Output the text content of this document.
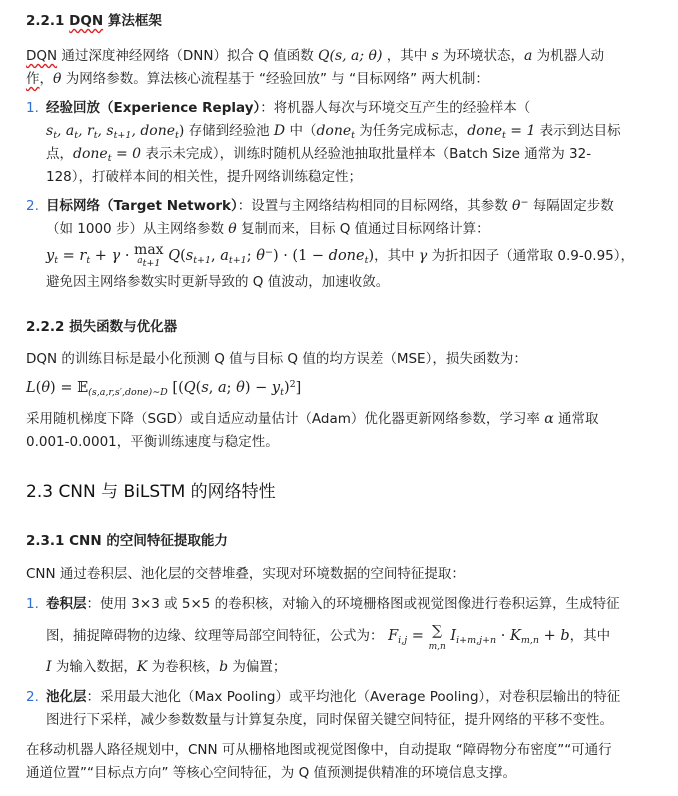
2.2.1 DQN 算法框架

DQN 通过深度神经网络（DNN）拟合 Q 值函数 Q(s, a; θ) ，其中 s 为环境状态，a 为机器人动

作，θ 为网络参数。算法核心流程基于 “经验回放” 与 “目标网络” 两大机制：

1. 经验回放（Experience Replay）：将机器人每次与环境交互产生的经验样本（

$s_t$, $a_t$, $r_t$, $s_{t+1}$, done$_t$) 存储到经验池 D 中（done$_t$ 为任务完成标志，done$_t$ = 1 表示到达目标

点，done$_t$ = 0 表示未完成），训练时随机从经验池抽取批量样本（Batch Size 通常为 32-

128），打破样本间的相关性，提升网络训练稳定性；

2. 目标网络（Target Network）：设置与主网络结构相同的目标网络，其参数 θ− 每隔固定步数

（如 1000 步）从主网络参数 θ 复制而来，目标 Q 值通过目标网络计算：

$y_t = r_t + \gamma \cdot \max$
$a_{t+1}$ $Q(s_{t+1}$, $a_{t+1}$; θ−) · (1 − done$_t$)，其中 γ 为折扣因子（通常取 0.9-0.95），

避免因主网络参数实时更新导致的 Q 值波动，加速收敛。

2.2.2 损失函数与优化器
DQN 的训练目标是最小化预测 Q 值与目标 Q 值的均方误差（MSE），损失函数为：
L(θ) = 𝔼$_{(s,a,r,s',done)\sim D}$ [(Q(s, a; $\theta) - y_t)^2$]

采用随机梯度下降（SGD）或自适应动量估计（Adam）优化器更新网络参数，学习率 α 通常取

0.001-0.0001，平衡训练速度与稳定性。

2.3 CNN 与 BiLSTM 的网络特性
2.3.1 CNN 的空间特征提取能力
CNN 通过卷积层、池化层的交替堆叠，实现对环境数据的空间特征提取：
1. 卷积层：使用 3×3 或 5×5 的卷积核，对输入的环境栅格图或视觉图像进行卷积运算，生成特征

图，捕捉障碍物的边缘、纹理等局部空间特征，公式为： $F_{i,j}$ = ∑
m,n
$I_{i+m,j+n} \cdot K_{m,n} + b$，其中

I 为输入数据，K 为卷积核，b 为偏置；

2. 池化层：采用最大池化（Max Pooling）或平均池化（Average Pooling），对卷积层输出的特征

图进行下采样，减少参数数量与计算复杂度，同时保留关键空间特征，提升网络的平移不变性。

在移动机器人路径规划中，CNN 可从栅格地图或视觉图像中，自动提取 “障碍物分布密度”“可通行

通道位置”“目标点方向” 等核心空间特征，为 Q 值预测提供精准的环境信息支撑。
